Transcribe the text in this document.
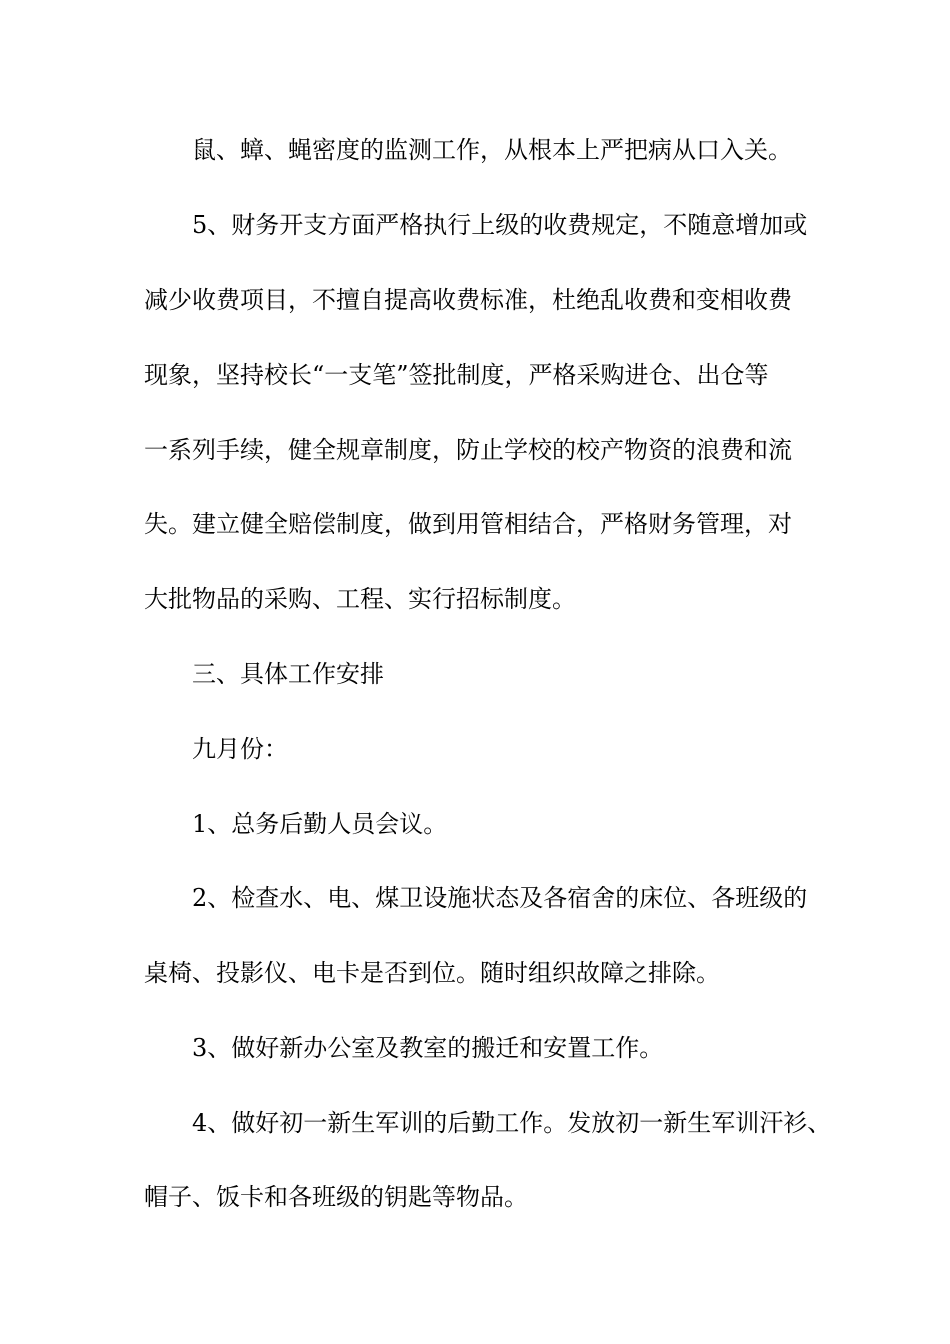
鼠、蟑、蝇密度的监测工作，从根本上严把病从口入关。

5、财务开支方面严格执行上级的收费规定，不随意增加或

减少收费项目，不擅自提高收费标准，杜绝乱收费和变相收费

现象，坚持校长“一支笔”签批制度，严格采购进仓、出仓等

一系列手续，健全规章制度，防止学校的校产物资的浪费和流

失。建立健全赔偿制度，做到用管相结合，严格财务管理，对

大批物品的采购、工程、实行招标制度。

三、具体工作安排

九月份：

1、总务后勤人员会议。

2、检查水、电、煤卫设施状态及各宿舍的床位、各班级的

桌椅、投影仪、电卡是否到位。随时组织故障之排除。

3、做好新办公室及教室的搬迁和安置工作。

4、做好初一新生军训的后勤工作。发放初一新生军训汗衫、

帽子、饭卡和各班级的钥匙等物品。
